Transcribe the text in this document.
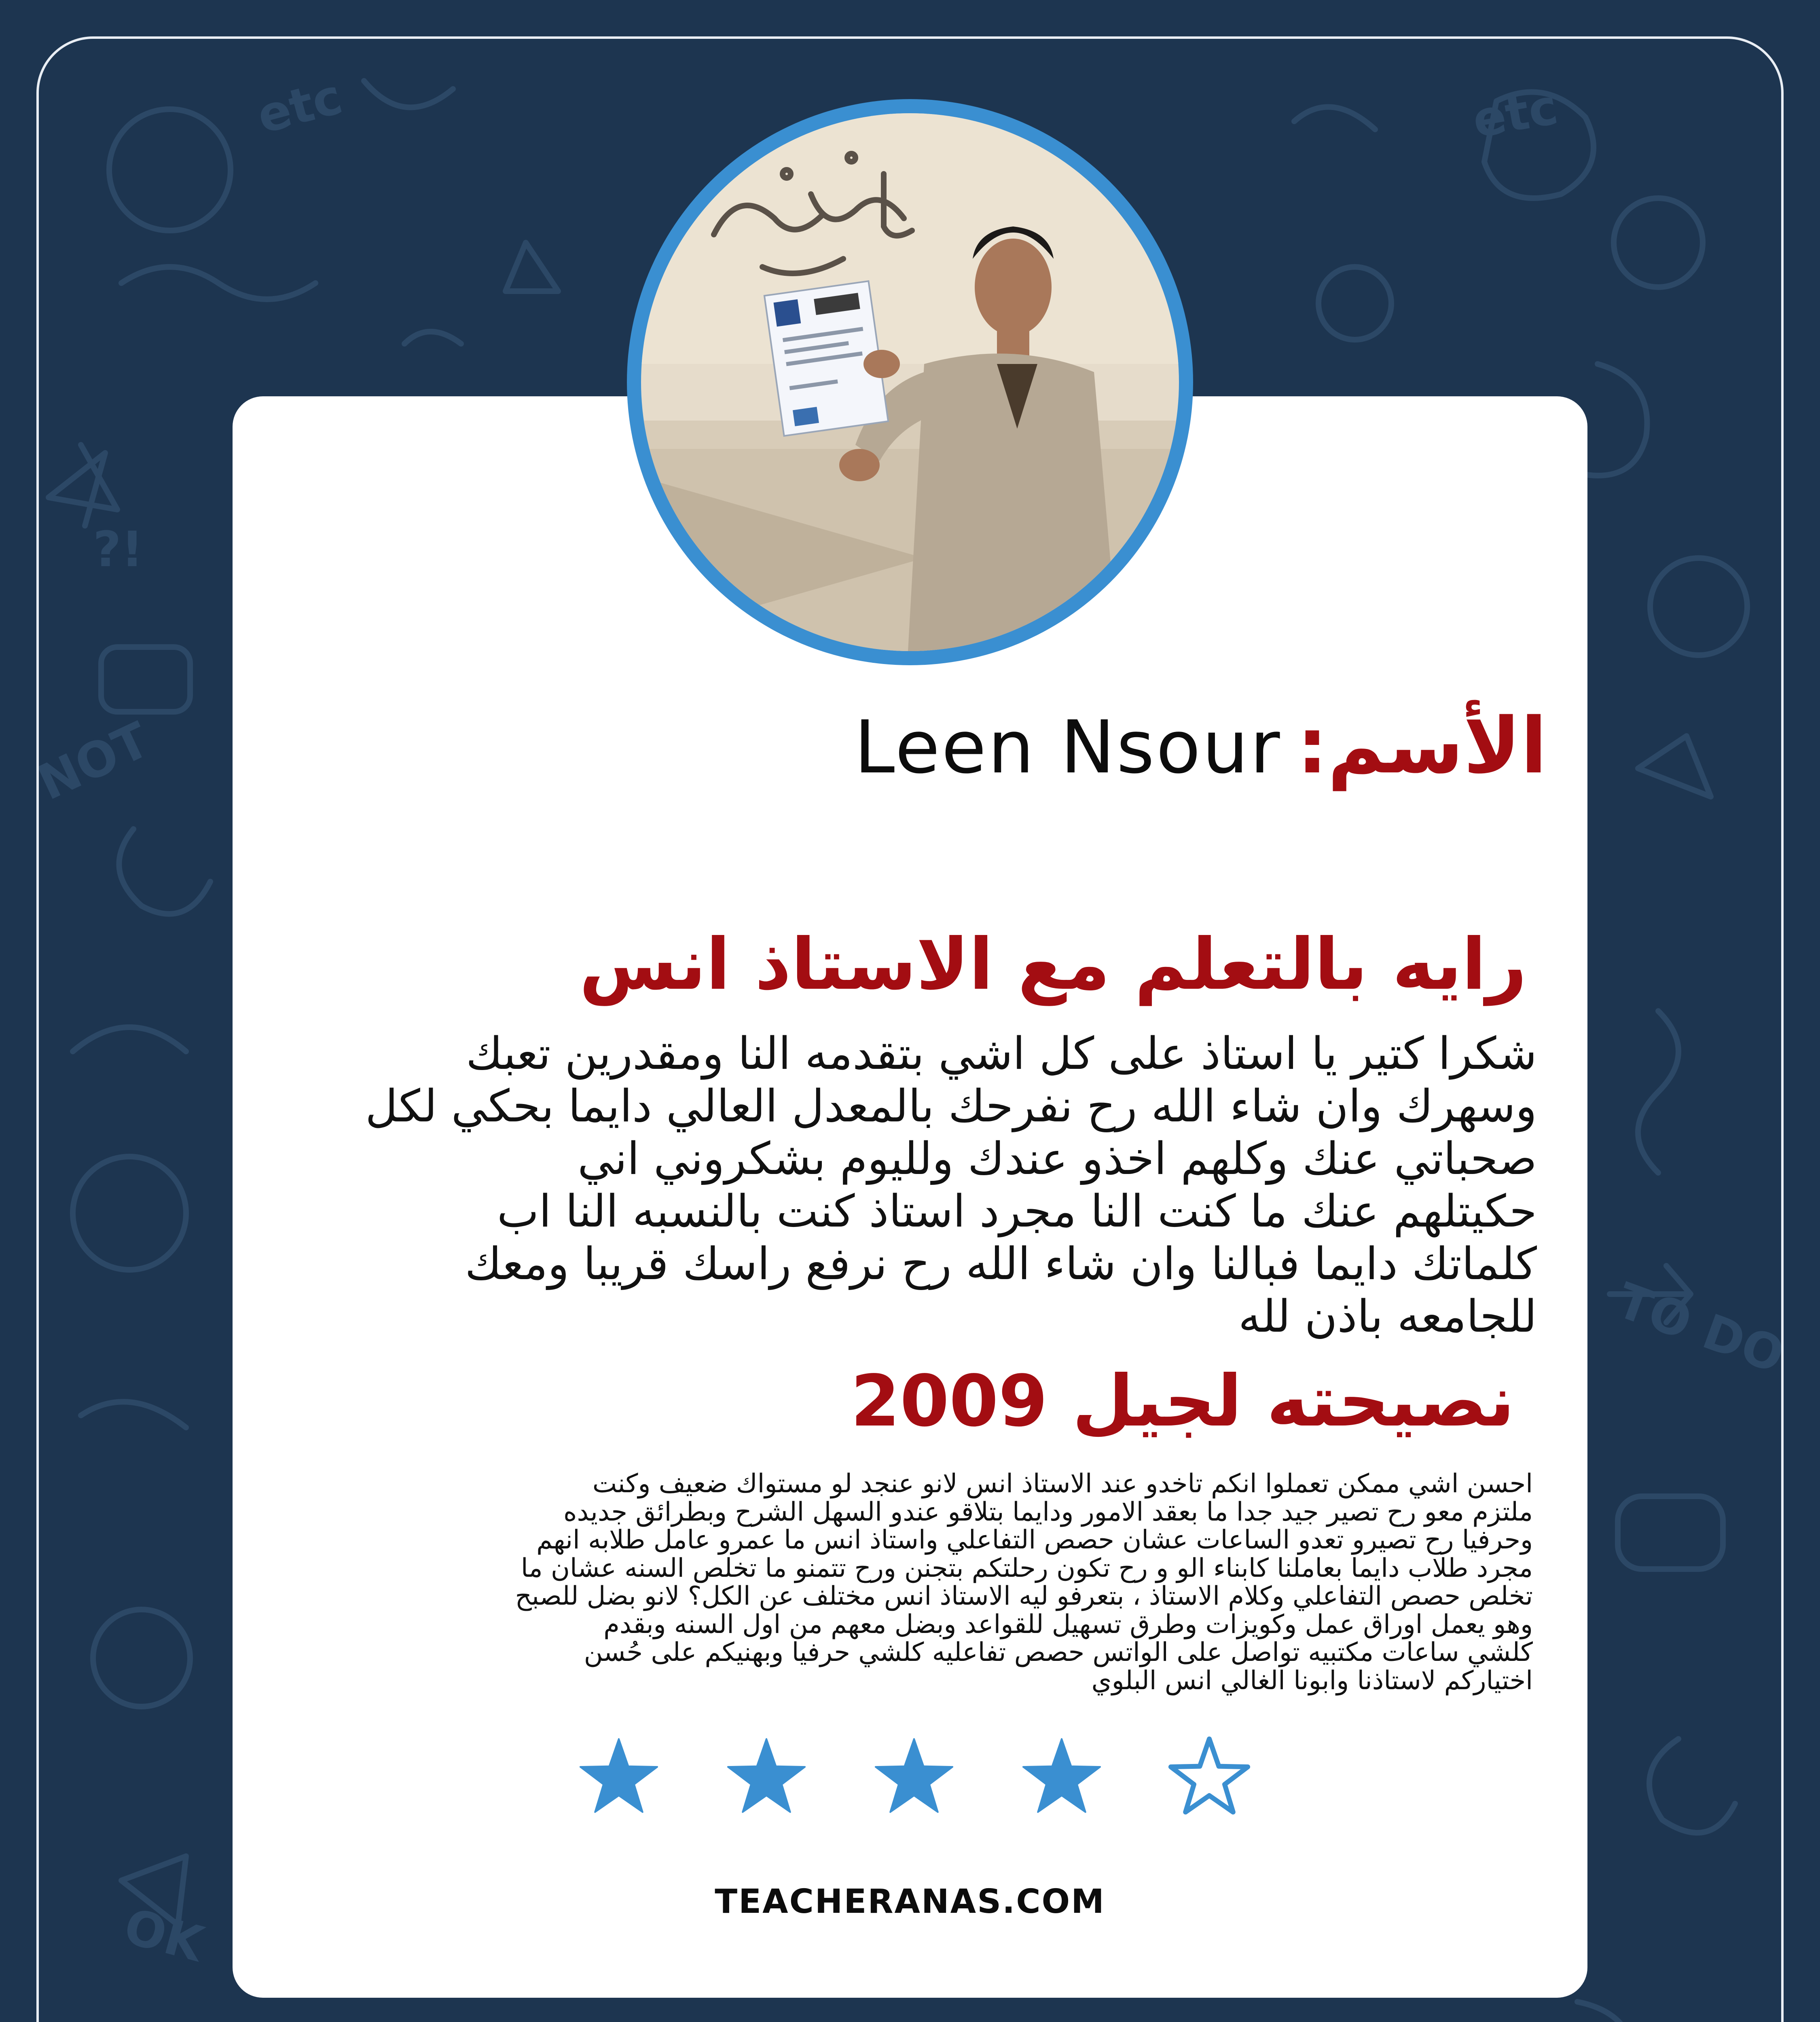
etc	etc
NOT
TO DO
OK
?!
Leen Nsour الأسم:
رايه بالتعلم مع الاستاذ انس
شكرا كتير يا استاذ على كل اشي بتقدمه النا ومقدرين تعبك
وسهرك وان شاء الله رح نفرحك بالمعدل العالي دايما بحكي لكل
صحباتي عنك وكلهم اخذو عندك ولليوم بشكروني اني
حكيتلهم عنك ما كنت النا مجرد استاذ كنت بالنسبه النا اب
كلماتك دايما فبالنا وان شاء الله رح نرفع راسك قريبا ومعك
للجامعه باذن لله
نصيحته لجيل 2009
احسن اشي ممكن تعملوا انكم تاخدو عند الاستاذ انس لانو عنجد لو مستواك ضعيف وكنت
ملتزم معو رح تصير جيد جدا ما بعقد الامور ودايما بتلاقو عندو السهل الشرح وبطرائق جديده
وحرفيا رح تصيرو تعدو الساعات عشان حصص التفاعلي واستاذ انس ما عمرو عامل طلابه انهم
مجرد طلاب دايما بعاملنا كابناء الو و رح تكون رحلتكم بتجنن ورح تتمنو ما تخلص السنه عشان ما
تخلص حصص التفاعلي وكلام الاستاذ ، بتعرفو ليه الاستاذ انس مختلف عن الكل؟ لانو بضل للصبح
وهو يعمل اوراق عمل وكويزات وطرق تسهيل للقواعد وبضل معهم من اول السنه وبقدم
كلشي ساعات مكتبيه تواصل على الواتس حصص تفاعليه كلشي حرفيا وبهنيكم على حُسن
اختياركم لاستاذنا وابونا الغالي انس البلوي
TEACHERANAS.COM
